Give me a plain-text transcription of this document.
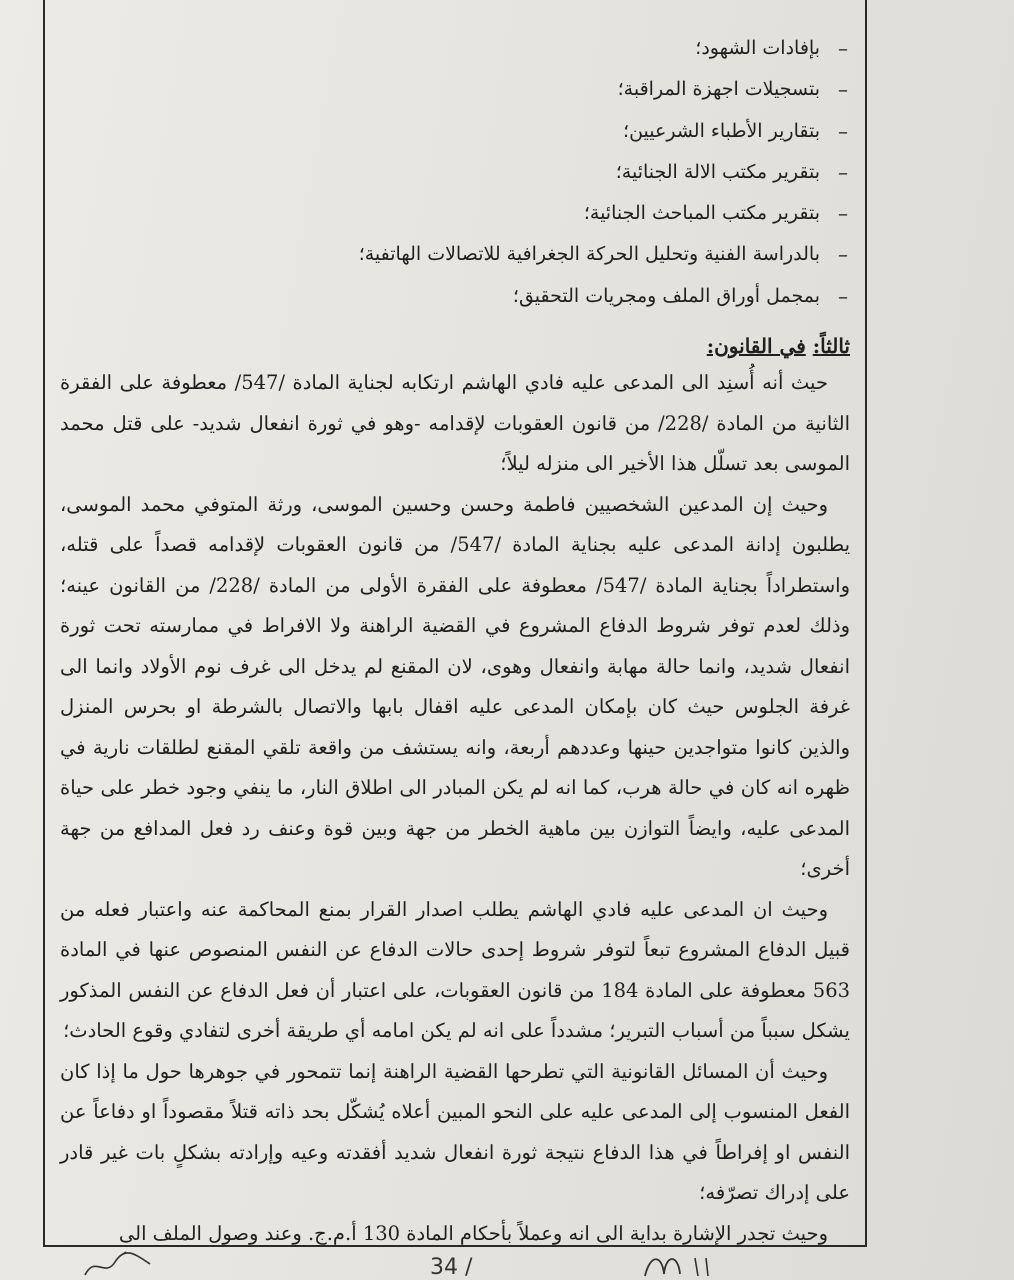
–
بإفادات الشهود؛
–
بتسجيلات اجهزة المراقبة؛
–
بتقارير الأطباء الشرعيين؛
–
بتقرير مكتب الالة الجنائية؛
–
بتقرير مكتب المباحث الجنائية؛
–
بالدراسة الفنية وتحليل الحركة الجغرافية للاتصالات الهاتفية؛
–
بمجمل أوراق الملف ومجريات التحقيق؛
ثالثاً: في القانون:

حيث أنه أُسنِد الى المدعى عليه فادي الهاشم ارتكابه لجناية المادة /547/ معطوفة على الفقرة الثانية من المادة /228/ من قانون العقوبات لإقدامه -وهو في ثورة انفعال شديد- على قتل محمد الموسى بعد تسلّل هذا الأخير الى منزله ليلاً؛

وحيث إن المدعين الشخصيين فاطمة وحسن وحسين الموسى، ورثة المتوفي محمد الموسى، يطلبون إدانة المدعى عليه بجناية المادة /547/ من قانون العقوبات لإقدامه قصداً على قتله، واستطراداً بجناية المادة /547/ معطوفة على الفقرة الأولى من المادة /228/ من القانون عينه؛ وذلك لعدم توفر شروط الدفاع المشروع في القضية الراهنة ولا الافراط في ممارسته تحت ثورة انفعال شديد، وانما حالة مهابة وانفعال وهوى، لان المقنع لم يدخل الى غرف نوم الأولاد وانما الى غرفة الجلوس حيث كان بإمكان المدعى عليه اقفال بابها والاتصال بالشرطة او بحرس المنزل والذين كانوا متواجدين حينها وعددهم أربعة، وانه يستشف من واقعة تلقي المقنع لطلقات نارية في ظهره انه كان في حالة هرب، كما انه لم يكن المبادر الى اطلاق النار، ما ينفي وجود خطر على حياة المدعى عليه، وايضاً التوازن بين ماهية الخطر من جهة وبين قوة وعنف رد فعل المدافع من جهة أخرى؛

وحيث ان المدعى عليه فادي الهاشم يطلب اصدار القرار بمنع المحاكمة عنه واعتبار فعله من قبيل الدفاع المشروع تبعاً لتوفر شروط إحدى حالات الدفاع عن النفس المنصوص عنها في المادة 563 معطوفة على المادة 184 من قانون العقوبات، على اعتبار أن فعل الدفاع عن النفس المذكور يشكل سبباً من أسباب التبرير؛ مشدداً على انه لم يكن امامه أي طريقة أخرى لتفادي وقوع الحادث؛

وحيث أن المسائل القانونية التي تطرحها القضية الراهنة إنما تتمحور في جوهرها حول ما إذا كان الفعل المنسوب إلى المدعى عليه على النحو المبين أعلاه يُشكّل بحد ذاته قتلاً مقصوداً او دفاعاً عن النفس او إفراطاً في هذا الدفاع نتيجة ثورة انفعال شديد أفقدته وعيه وإرادته بشكلٍ بات غير قادر على إدراك تصرّفه؛

وحيث تجدر الإشارة بداية الى انه وعملاً بأحكام المادة 130 أ.م.ج. وعند وصول الملف الى

34 /
